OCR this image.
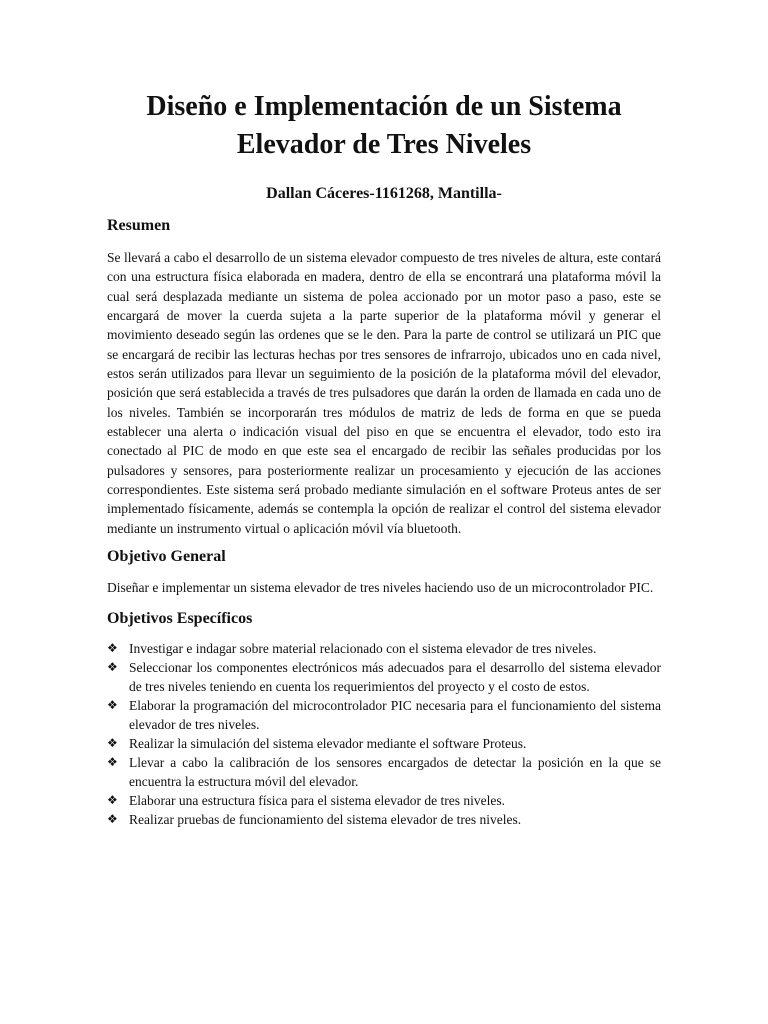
Diseño e Implementación de un Sistema
Elevador de Tres Niveles
Dallan Cáceres-1161268, Mantilla-
Resumen

Se llevará a cabo el desarrollo de un sistema elevador compuesto de tres niveles de altura, este contará con una estructura física elaborada en madera, dentro de ella se encontrará una plataforma móvil la cual será desplazada mediante un sistema de polea accionado por un motor paso a paso, este se encargará de mover la cuerda sujeta a la parte superior de la plataforma móvil y generar el movimiento deseado según las ordenes que se le den. Para la parte de control se utilizará un PIC que se encargará de recibir las lecturas hechas por tres sensores de infrarrojo, ubicados uno en cada nivel, estos serán utilizados para llevar un seguimiento de la posición de la plataforma móvil del elevador, posición que será establecida a través de tres pulsadores que darán la orden de llamada en cada uno de los niveles. También se incorporarán tres módulos de matriz de leds de forma en que se pueda establecer una alerta o indicación visual del piso en que se encuentra el elevador, todo esto ira conectado al PIC de modo en que este sea el encargado de recibir las señales producidas por los pulsadores y sensores, para posteriormente realizar un procesamiento y ejecución de las acciones correspondientes. Este sistema será probado mediante simulación en el software Proteus antes de ser implementado físicamente, además se contempla la opción de realizar el control del sistema elevador mediante un instrumento virtual o aplicación móvil vía bluetooth.

Objetivo General

Diseñar e implementar un sistema elevador de tres niveles haciendo uso de un microcontrolador PIC.

Objetivos Específicos
❖ Investigar e indagar sobre material relacionado con el sistema elevador de tres niveles.
❖ Seleccionar los componentes electrónicos más adecuados para el desarrollo del sistema elevador de tres niveles teniendo en cuenta los requerimientos del proyecto y el costo de estos.
❖ Elaborar la programación del microcontrolador PIC necesaria para el funcionamiento del sistema elevador de tres niveles.
❖ Realizar la simulación del sistema elevador mediante el software Proteus.
❖ Llevar a cabo la calibración de los sensores encargados de detectar la posición en la que se encuentra la estructura móvil del elevador.
❖ Elaborar una estructura física para el sistema elevador de tres niveles.
❖ Realizar pruebas de funcionamiento del sistema elevador de tres niveles.
